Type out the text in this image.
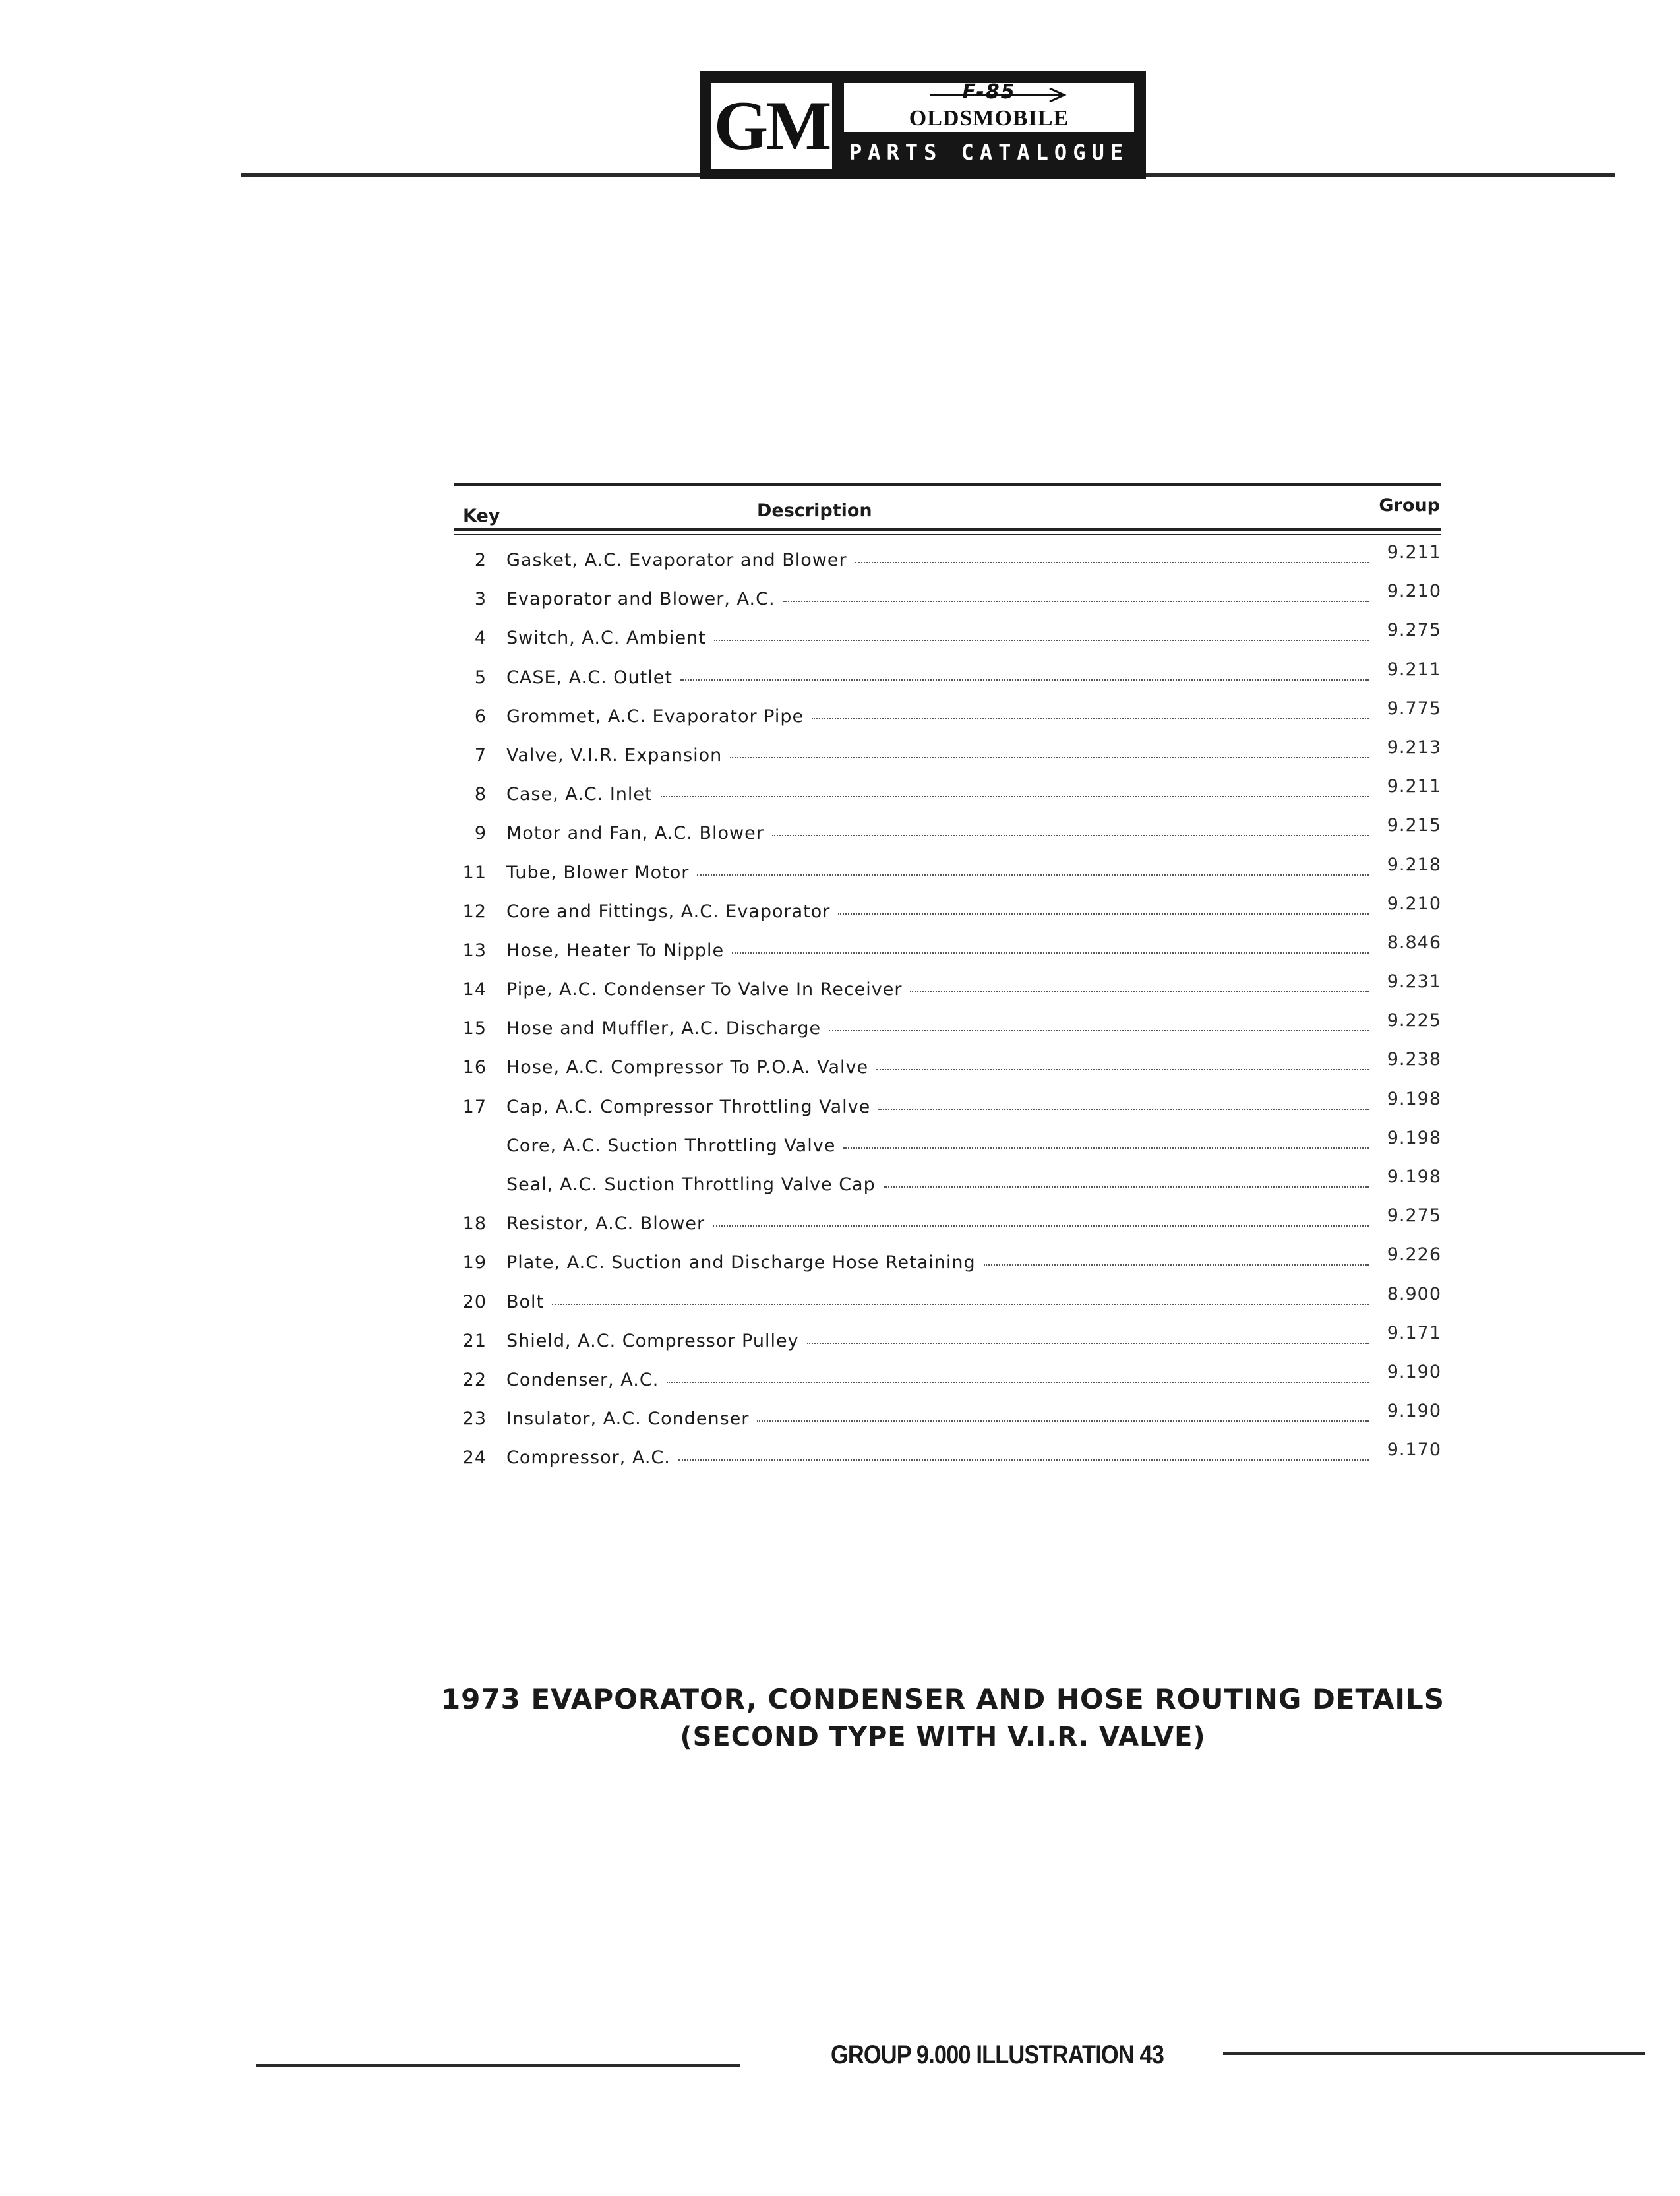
GM	F-85
OLDSMOBILE
PARTS CATALOGUE
Key	Description	Group
2 Gasket, A.C. Evaporator and Blower	9.211
3 Evaporator and Blower, A.C.	9.210
4 Switch, A.C. Ambient	9.275
5 CASE, A.C. Outlet	9.211
6 Grommet, A.C. Evaporator Pipe	9.775
7 Valve, V.I.R. Expansion	9.213
8 Case, A.C. Inlet	9.211
9 Motor and Fan, A.C. Blower	9.215
11 Tube, Blower Motor	9.218
12 Core and Fittings, A.C. Evaporator	9.210
13 Hose, Heater To Nipple	8.846
14 Pipe, A.C. Condenser To Valve In Receiver	9.231
15 Hose and Muffler, A.C. Discharge	9.225
16 Hose, A.C. Compressor To P.O.A. Valve	9.238
17 Cap, A.C. Compressor Throttling Valve	9.198
Core, A.C. Suction Throttling Valve	9.198
Seal, A.C. Suction Throttling Valve Cap	9.198
18 Resistor, A.C. Blower	9.275
19 Plate, A.C. Suction and Discharge Hose Retaining	9.226
20 Bolt	8.900
21 Shield, A.C. Compressor Pulley	9.171
22 Condenser, A.C.	9.190
23 Insulator, A.C. Condenser	9.190
24 Compressor, A.C.	9.170
1973 EVAPORATOR, CONDENSER AND HOSE ROUTING DETAILS
(SECOND TYPE WITH V.I.R. VALVE)
GROUP 9.000 ILLUSTRATION 43
